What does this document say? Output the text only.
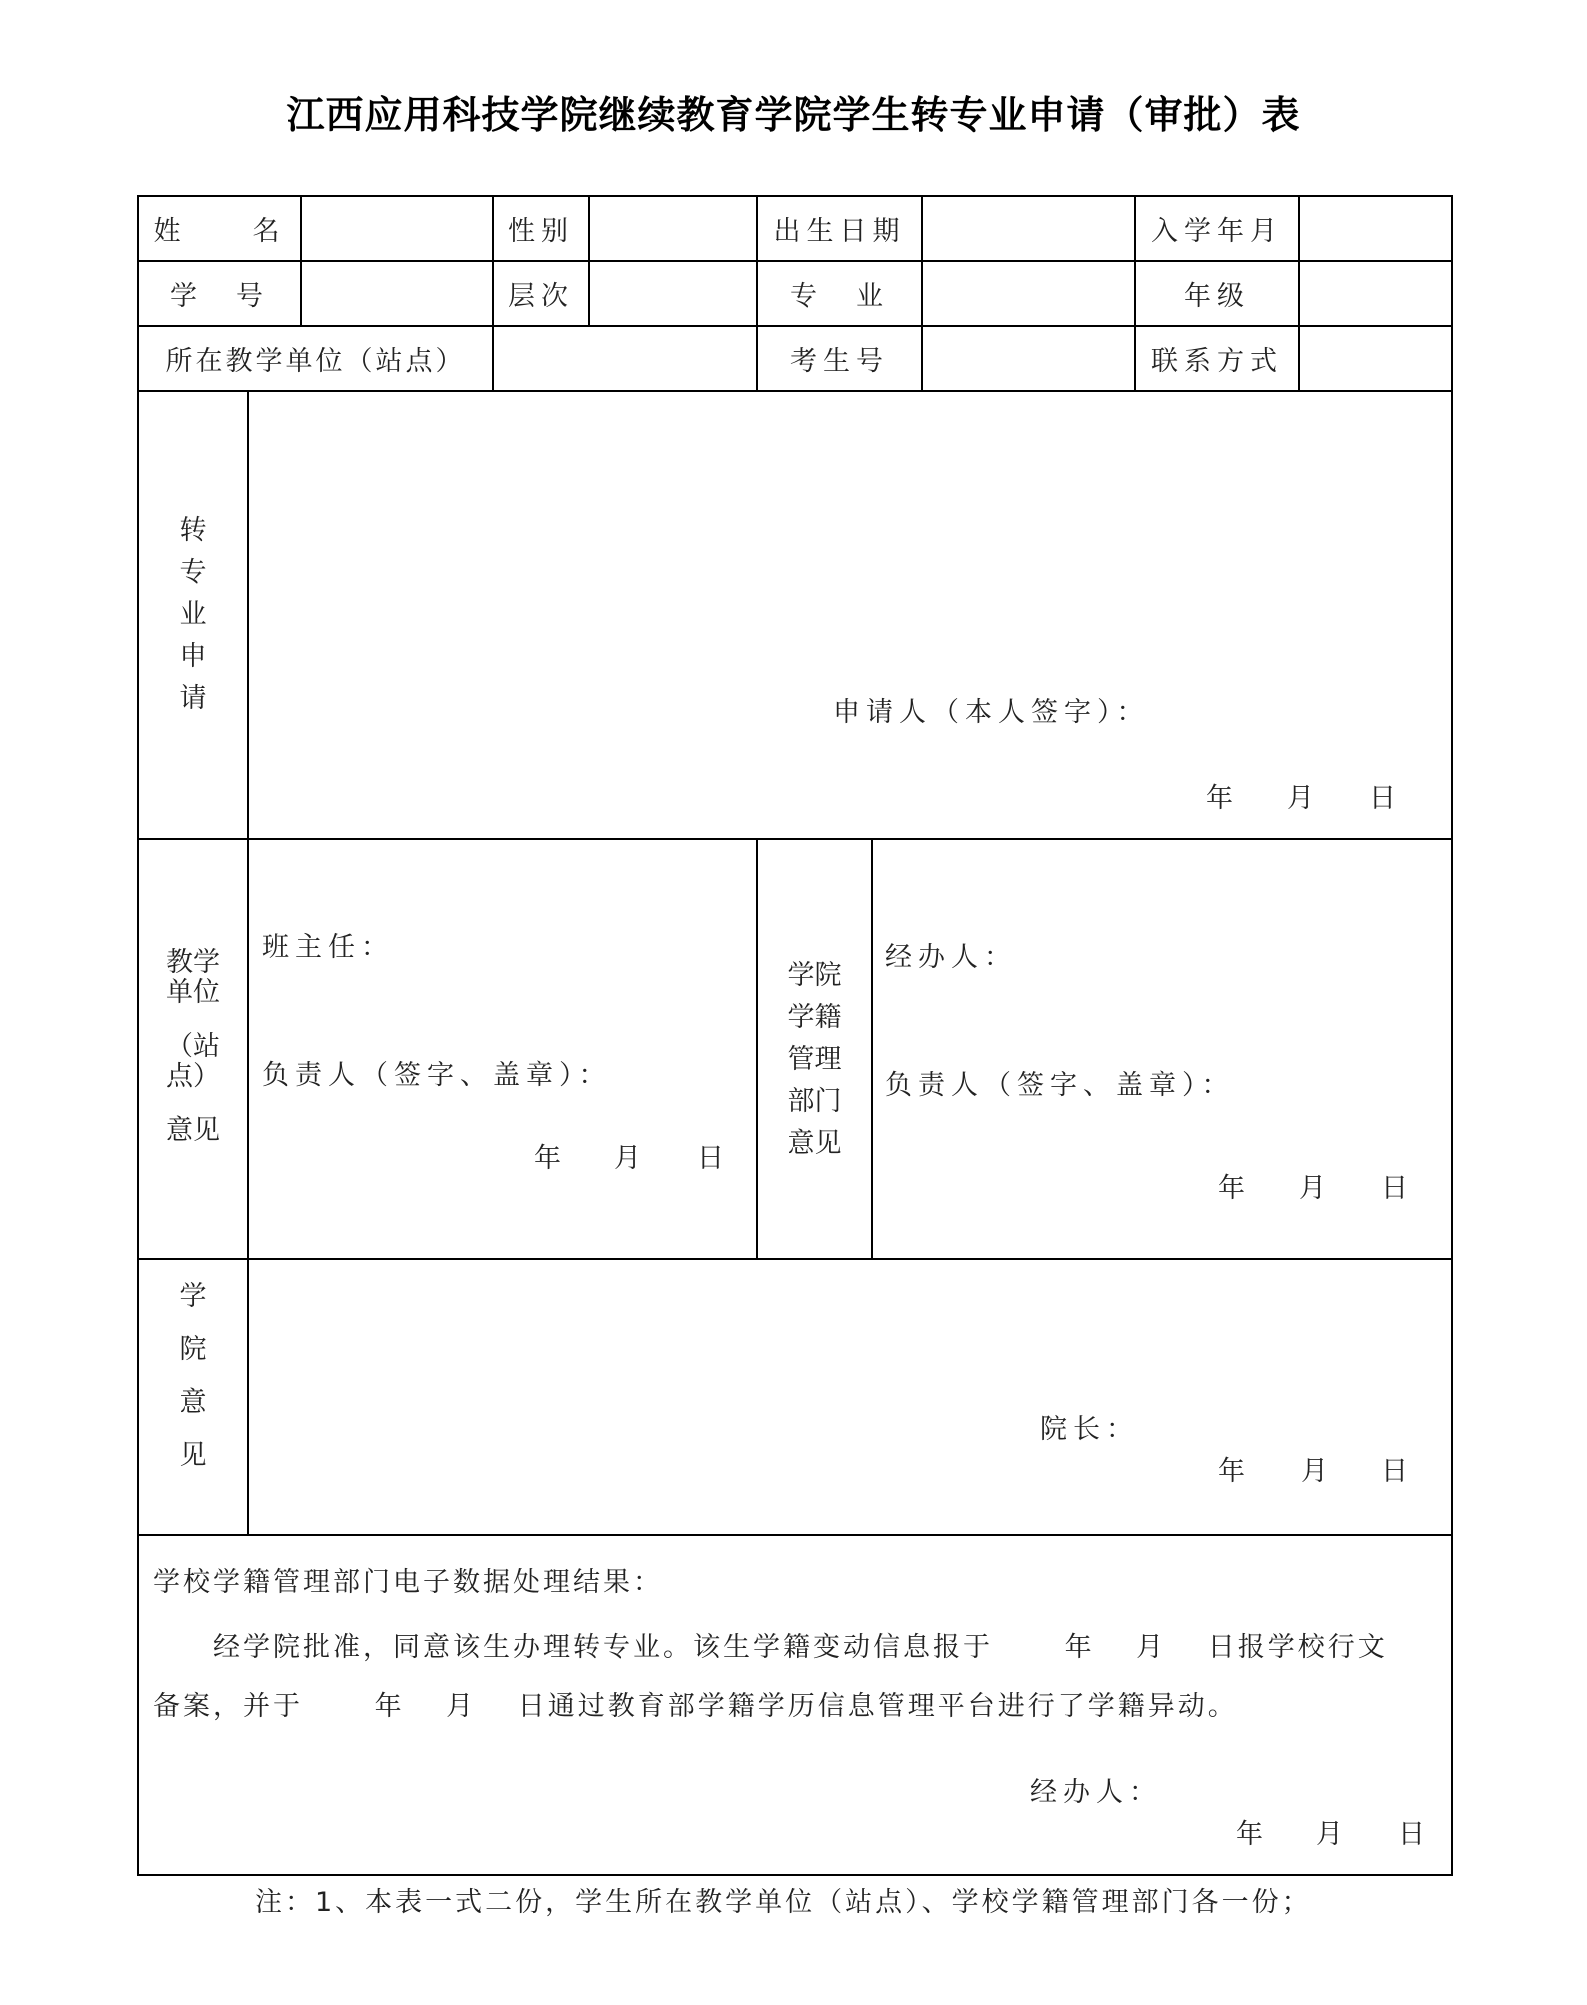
江西应用科技学院继续教育学院学生转专业申请（审批）表
姓　　名	性别	出生日期	入学年月
学　号	层次	专　业	年级
所在教学单位（站点）	考生号	联系方式
转
专
业
申
请	申请人（本人签字）：
年 月 日
教学
单位
（站
点）
意见
班主任：
负责人（签字、盖章）：
年 月 日
学院
学籍
管理
部门
意见
经办人：
负责人（签字、盖章）：
年 月 日
学
院
意
见
院长：
年 月 日
学校学籍管理部门电子数据处理结果：
经学院批准，同意该生办理转专业。该生学籍变动信息报于　　 年　 月　 日报学校行文
备案，并于　　 年　 月　 日通过教育部学籍学历信息管理平台进行了学籍异动。
经办人：
年 月 日
注：1、本表一式二份，学生所在教学单位（站点）、学校学籍管理部门各一份；
